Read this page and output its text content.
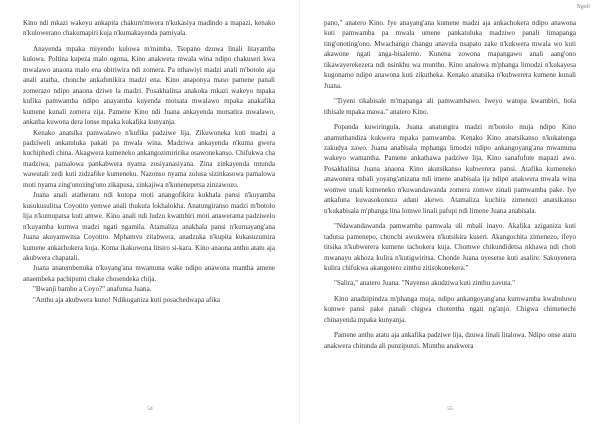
Kino ndi mkazi wakeyu ankapita chakum'mwera n'kukasiya madindo a mapazi, kenako n'kulowerano chakumapiri kuja n'kumakayenda pamiyala.

Anayenda mpaka miyendo kulowa m'mimba. Tsopano dzuwa linali litayamba kulowa. Poltina kupeza malo ogona, Kino anakwera mwala wina ndipo chakuseri kwa mwalawo anaona malo ena obiriwira ndi zomera. Pa nthawiyi madzi anali m'botolo aja anali atatha, chonche ankafunikira madzi ena. Kino anaponya maso pamene panali zomerazo ndipo anaona dziwe la madzi. Posakhalitsa anakoka mkazi wakeyo mpaka kufika pamwamba ndipo anayamba kuyenda motsata mwalawo mpaka anakafika kumene kunali zomera zija. Pamene Kino ndi Juana ankayenda motsatira mwalawo, ankatha kuwona dera lonse mpaka kukafika kunyanja.

Kenako anatsika pamwalawo n'kufika padziwe lija. Zikuwoneka kuti madzi a padziweli ankatuluka pakati pa mwala wina. Madziwa ankayenda n'kuma gwera kuchiphedi china. Akagwera kumeneko ankangozimiririka osawonekanso. Chifukwa cha madziwa, pamalowa pankabwera nyama zosiyanasiyana. Zina zinkayenda mtunda wawutali zedi kuti zidzafike kumeneku. Nazonso nyama zolusa sizinkasowa pamalowa moti nyama zing'onozing'ono zikapusa, zinkajiwa n'kunenepetsa zinzawozo.

Juana anali atatheratu ndi kutopa moti anangofikira kukhala pansi n'kuyamba kusukusulitsa Coyotito yemwe anali thukuta lokhalokha. Anatungiranso madzi m'botolo lija n'kumupatsa kuti amwe. Kino anali ndi ludzu kwambiri moti anawerama padziwelo n'kuyamba kumwa madzi ngati ngamila. Atamaliza anakhala pansi n'kumayang'ana Juana akuyamwitsa Coyotito. Mphamvu zitabwera, anadzuka n'kupita kukasuzumira kumene ankachokera kuja. Koma ikakuwona litsiro si-kara. Kino anaona anthu atatu aja akubwera chapatali.

Juana anatembenuka n'kuyang'ana mwamuna wake ndipo anawona mantha amene anaembeka pachipumi chake chosendeka chija.

"Bwanji bambo a Coyo?" anafunsa Juana.

"Anthu aja akubwera kuno! Ndikuganiza kuti posachedwapa afika

54
Ngoli

pano," anatero Kino. Iye anayang'ana kumene madzi aja ankachokera ndipo anawona kuti pamwamba pa mwala umene pankatuluka madziwo panali timapanga ting'onoting'ono. Mwachangu changu anavula nsapato zake n'kukwera mwala wo kuti akawone ngati anga-bisalemo. Kunena zowona mapangawo anali aang'ono tikawayerekezera ndi nsinkhu wa munthu. Kino analowa m'phanga limodzi n'kukayesa kugonamo ndipo anawona kuti zikutheka. Kenako anatsika n'kubwerera kumene kunali Juana.

"Tiyeni tikabisale m'mapanga ali pamwambawo. Iweyo watopa kwambiri, bola tibisale mpaka mawa." anatero Kino.

Popanda kuwiringula, Juana anatungira madzi m'botolo muja ndipo Kino anamuthandiza kukwera mpaka pamwamba. Kenako Kino anatsikanso n'kukatenga zakudya zawo. Juana anabisala mphanga limodzi ndipo ankangoyang'ana mwamuna wakeyo wamantha. Pamene ankathawa padziwe lija, Kino sanafufute mapazi awo. Posakhalitsa Juana anaona Kino akutsikanso kubwerera pansi. Atafika kumeneko anawonera mbali yoyang'anizana ndi imene anabisala ija ndipo anakwera mwala wina womwe unali kumeneko n'kuwandawanda zomera zomwe zinali pamwamba pake. Iye ankafuna kuwasokoneza adani akewo. Atamaliza kuchita zimenezi anatsikanso n'kukabisala m'phanga lina lomwe linali pafupi ndi limene Juana anabisala.

"Ndawandawanda pamwamba pamwala uli mbali inayo. Akafika aziganiza kuti tadutsa pamenepo, chonchi awukwera n'kutsikira kuseri. Akangochita zimenezo, ifeyo titsika n'kubwerera kumene tachokera kuja. Chomwe chikundidetsa nkhawa ndi choti mwanayu akhoza kulira n'kutigwiritsa. Chonde Juana uyesetse kuti asalire. Sakuyenera kulira chifukwa akangotero zinthu zitisokonekera."

"Salira," anatero Juana. "Nayenso akudziwa kuti zinthu zavuta."

Kino anadzipindza m'phanga muja, ndipo ankangoyang'ana kumwamba kwabuluwu komwe pansi pake panali chigwa chotentha ngati ng'anjo. Chigwa chimenechi chinayenda mpaka kunyanja.

Pamene anthu atatu aja ankafika padziwe lija, dzuwa linali litalowa. Ndipo onse atatu anakwera chitunda ali punzipunzi. Munthu anakwera

55
